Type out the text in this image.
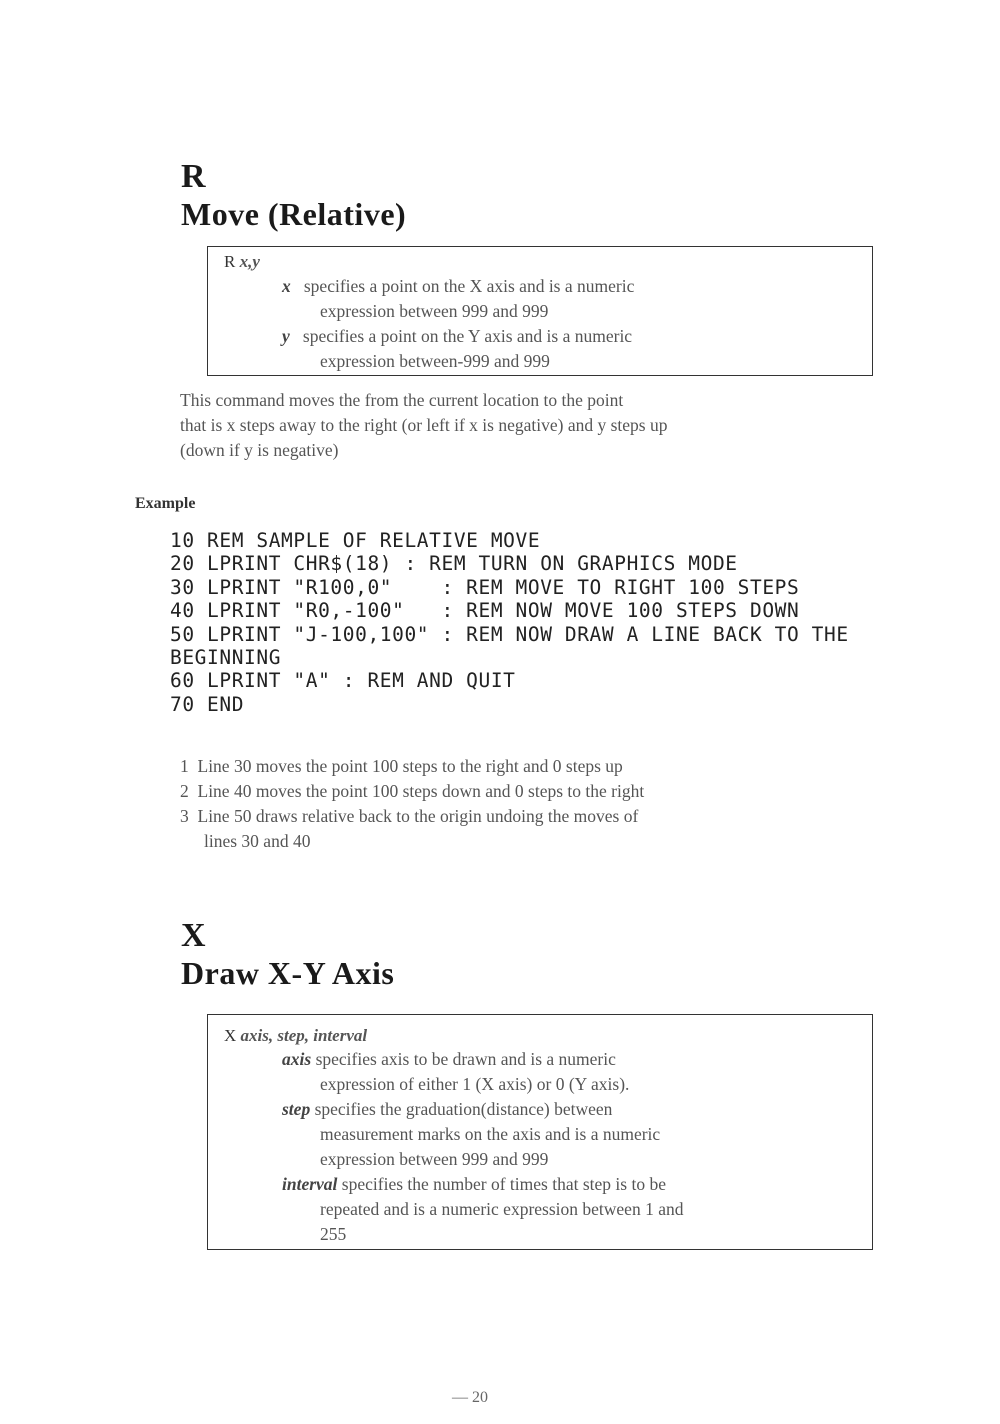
R
Move (Relative)
R x,y
x specifies a point on the X axis and is a numeric
expression between 999 and 999
y specifies a point on the Y axis and is a numeric
expression between-999 and 999
This command moves the from the current location to the point
that is x steps away to the right (or left if x is negative) and y steps up
(down if y is negative)
Example
10 REM SAMPLE OF RELATIVE MOVE
20 LPRINT CHR$(18) : REM TURN ON GRAPHICS MODE
30 LPRINT "R100,0"    : REM MOVE TO RIGHT 100 STEPS
40 LPRINT "R0,-100"   : REM NOW MOVE 100 STEPS DOWN
50 LPRINT "J-100,100" : REM NOW DRAW A LINE BACK TO THE
BEGINNING
60 LPRINT "A" : REM AND QUIT
70 END
1 Line 30 moves the point 100 steps to the right and 0 steps up
2 Line 40 moves the point 100 steps down and 0 steps to the right
3 Line 50 draws relative back to the origin undoing the moves of
lines 30 and 40
X
Draw X-Y Axis
X axis, step, interval
axis specifies axis to be drawn and is a numeric
expression of either 1 (X axis) or 0 (Y axis).
step specifies the graduation(distance) between
measurement marks on the axis and is a numeric
expression between 999 and 999
interval specifies the number of times that step is to be
repeated and is a numeric expression between 1 and
255
— 20
